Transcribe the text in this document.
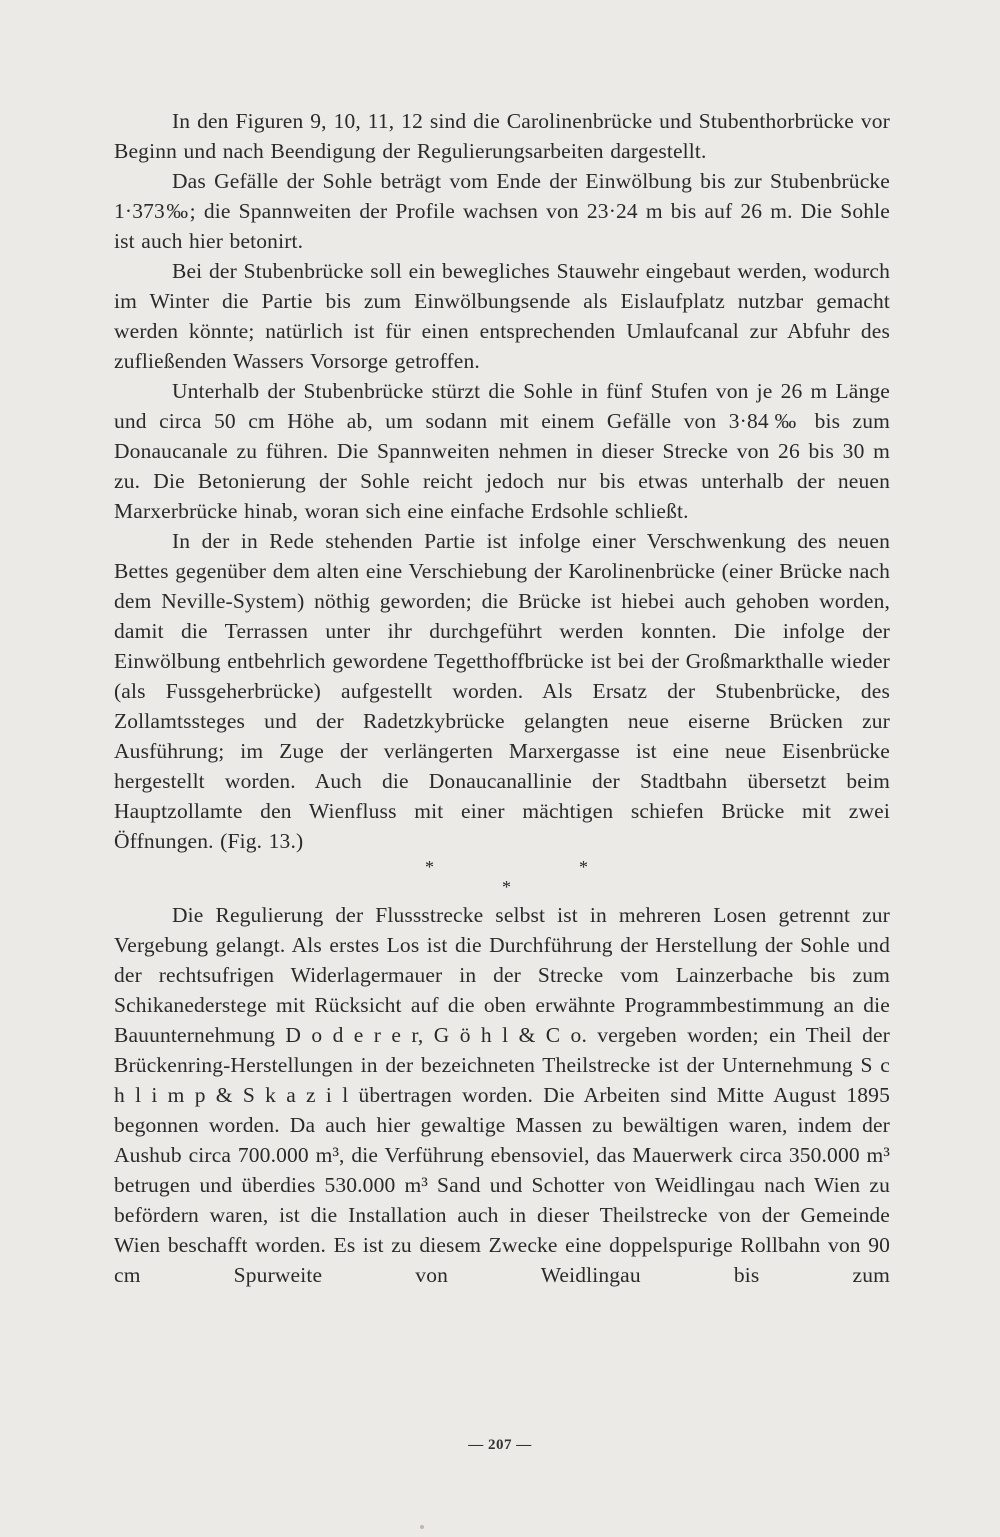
In den Figuren 9, 10, 11, 12 sind die Carolinenbrücke und Stubenthorbrücke vor Beginn und nach Beendigung der Regulierungsarbeiten dargestellt.

Das Gefälle der Sohle beträgt vom Ende der Einwölbung bis zur Stubenbrücke 1·373‰; die Spannweiten der Profile wachsen von 23·24 m bis auf 26 m. Die Sohle ist auch hier betonirt.

Bei der Stubenbrücke soll ein bewegliches Stauwehr eingebaut werden, wodurch im Winter die Partie bis zum Einwölbungsende als Eislaufplatz nutzbar gemacht werden könnte; natürlich ist für einen entsprechenden Umlaufcanal zur Abfuhr des zufließenden Wassers Vorsorge getroffen.

Unterhalb der Stubenbrücke stürzt die Sohle in fünf Stufen von je 26 m Länge und circa 50 cm Höhe ab, um sodann mit einem Gefälle von 3·84‰ bis zum Donaucanale zu führen. Die Spannweiten nehmen in dieser Strecke von 26 bis 30 m zu. Die Betonierung der Sohle reicht jedoch nur bis etwas unterhalb der neuen Marxerbrücke hinab, woran sich eine einfache Erdsohle schließt.

In der in Rede stehenden Partie ist infolge einer Verschwenkung des neuen Bettes gegenüber dem alten eine Verschiebung der Karolinenbrücke (einer Brücke nach dem Neville-System) nöthig geworden; die Brücke ist hiebei auch gehoben worden, damit die Terrassen unter ihr durchgeführt werden konnten. Die infolge der Einwölbung entbehrlich gewordene Tegetthoffbrücke ist bei der Großmarkthalle wieder (als Fussgeherbrücke) aufgestellt worden. Als Ersatz der Stubenbrücke, des Zollamtssteges und der Radetzkybrücke gelangten neue eiserne Brücken zur Ausführung; im Zuge der verlängerten Marxergasse ist eine neue Eisenbrücke hergestellt worden. Auch die Donaucanallinie der Stadtbahn übersetzt beim Hauptzollamte den Wienfluss mit einer mächtigen schiefen Brücke mit zwei Öffnungen. (Fig. 13.)

*	*
*

Die Regulierung der Flussstrecke selbst ist in mehreren Losen getrennt zur Vergebung gelangt. Als erstes Los ist die Durchführung der Herstellung der Sohle und der rechtsufrigen Widerlagermauer in der Strecke vom Lainzerbache bis zum Schikanederstege mit Rücksicht auf die oben erwähnte Programmbestimmung an die Bauunternehmung D o d e r e r, G ö h l & C o. vergeben worden; ein Theil der Brückenring-Herstellungen in der bezeichneten Theilstrecke ist der Unternehmung S c h l i m p & S k a z i l übertragen worden. Die Arbeiten sind Mitte August 1895 begonnen worden. Da auch hier gewaltige Massen zu bewältigen waren, indem der Aushub circa 700.000 m³, die Verführung ebensoviel, das Mauerwerk circa 350.000 m³ betrugen und überdies 530.000 m³ Sand und Schotter von Weidlingau nach Wien zu befördern waren, ist die Installation auch in dieser Theilstrecke von der Gemeinde Wien beschafft worden. Es ist zu diesem Zwecke eine doppelspurige Rollbahn von 90 cm Spurweite von Weidlingau bis zum

— 207 —
